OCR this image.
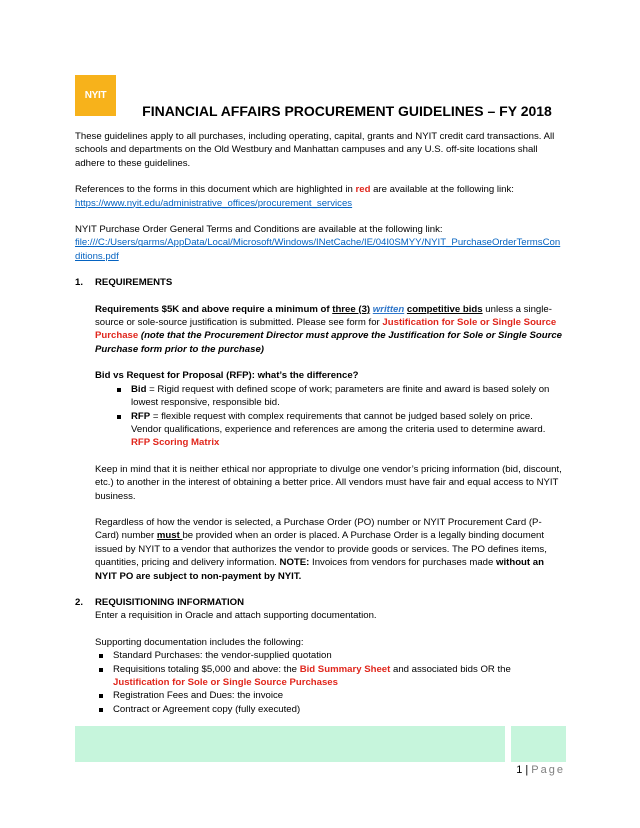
NYIT
FINANCIAL AFFAIRS PROCUREMENT GUIDELINES – FY 2018

These guidelines apply to all purchases, including operating, capital, grants and NYIT credit card transactions. All schools and departments on the Old Westbury and Manhattan campuses and any U.S. off-site locations shall adhere to these guidelines.

References to the forms in this document which are highlighted in red are available at the following link:
https://www.nyit.edu/administrative_offices/procurement_services

NYIT Purchase Order General Terms and Conditions are available at the following link:
file:///C:/Users/garms/AppData/Local/Microsoft/Windows/INetCache/IE/04I0SMYY/NYIT_PurchaseOrderTermsConditions.pdf

1.	REQUIREMENTS

Requirements $5K and above require a minimum of three (3) written competitive bids unless a single-source or sole-source justification is submitted. Please see form for Justification for Sole or Single Source Purchase (note that the Procurement Director must approve the Justification for Sole or Single Source Purchase form prior to the purchase)

Bid vs Request for Proposal (RFP): what’s the difference?

Bid = Rigid request with defined scope of work; parameters are finite and award is based solely on lowest responsive, responsible bid.
RFP = flexible request with complex requirements that cannot be judged based solely on price. Vendor qualifications, experience and references are among the criteria used to determine award.
RFP Scoring Matrix

Keep in mind that it is neither ethical nor appropriate to divulge one vendor’s pricing information (bid, discount, etc.) to another in the interest of obtaining a better price. All vendors must have fair and equal access to NYIT business.

Regardless of how the vendor is selected, a Purchase Order (PO) number or NYIT Procurement Card (P-Card) number must be provided when an order is placed. A Purchase Order is a legally binding document issued by NYIT to a vendor that authorizes the vendor to provide goods or services. The PO defines items, quantities, pricing and delivery information. NOTE: Invoices from vendors for purchases made without an NYIT PO are subject to non-payment by NYIT.

2.	REQUISITIONING INFORMATION

Enter a requisition in Oracle and attach supporting documentation.

Supporting documentation includes the following:

Standard Purchases: the vendor-supplied quotation
Requisitions totaling $5,000 and above: the Bid Summary Sheet and associated bids OR the Justification for Sole or Single Source Purchases
Registration Fees and Dues: the invoice
Contract or Agreement copy (fully executed)
1 | Page
